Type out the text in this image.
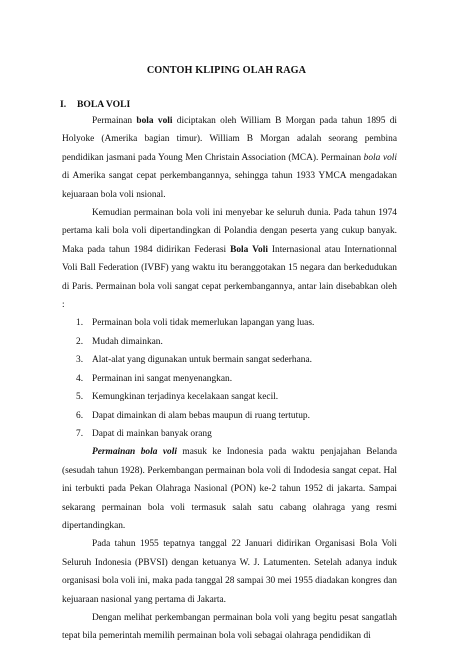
CONTOH KLIPING OLAH RAGA
I. BOLA VOLI

Permainan bola voli diciptakan oleh William B Morgan pada tahun 1895 di Holyoke (Amerika bagian timur). William B Morgan adalah seorang pembina pendidikan jasmani pada Young Men Christain Association (MCA). Permainan bola voli di Amerika sangat cepat perkembangannya, sehingga tahun 1933 YMCA mengadakan kejuaraan bola voli nsional.

Kemudian permainan bola voli ini menyebar ke seluruh dunia. Pada tahun 1974 pertama kali bola voli dipertandingkan di Polandia dengan peserta yang cukup banyak. Maka pada tahun 1984 didirikan Federasi Bola Voli Internasional atau Internationnal Voli Ball Federation (IVBF) yang waktu itu beranggotakan 15 negara dan berkedudukan di Paris. Permainan bola voli sangat cepat perkembangannya, antar lain disebabkan oleh :

1. Permainan bola voli tidak memerlukan lapangan yang luas.
2. Mudah dimainkan.
3. Alat-alat yang digunakan untuk bermain sangat sederhana.
4. Permainan ini sangat menyenangkan.
5. Kemungkinan terjadinya kecelakaan sangat kecil.
6. Dapat dimainkan di alam bebas maupun di ruang tertutup.
7. Dapat di mainkan banyak orang

Permainan bola voli masuk ke Indonesia pada waktu penjajahan Belanda (sesudah tahun 1928). Perkembangan permainan bola voli di Indodesia sangat cepat. Hal ini terbukti pada Pekan Olahraga Nasional (PON) ke-2 tahun 1952 di jakarta. Sampai sekarang permainan bola voli termasuk salah satu cabang olahraga yang resmi dipertandingkan.

Pada tahun 1955 tepatnya tanggal 22 Januari didirikan Organisasi Bola Voli Seluruh Indonesia (PBVSI) dengan ketuanya W. J. Latumenten. Setelah adanya induk organisasi bola voli ini, maka pada tanggal 28 sampai 30 mei 1955 diadakan kongres dan kejuaraan nasional yang pertama di Jakarta.

Dengan melihat perkembangan permainan bola voli yang begitu pesat sangatlah tepat bila pemerintah memilih permainan bola voli sebagai olahraga pendidikan di
